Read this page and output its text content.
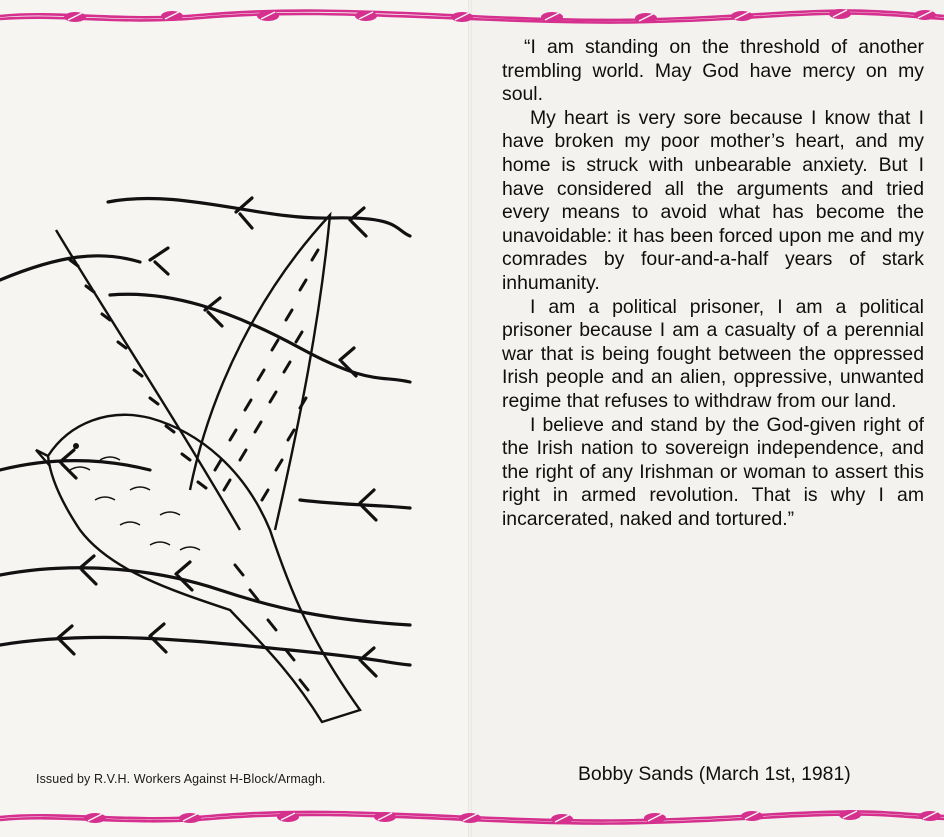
Issued by R.V.H. Workers Against H-Block/Armagh.

“I am standing on the threshold of another trembling world. May God have mercy on my soul.

My heart is very sore because I know that I have broken my poor mother’s heart, and my home is struck with unbearable anxiety. But I have considered all the arguments and tried every means to avoid what has become the unavoidable: it has been forced upon me and my comrades by four-and-a-half years of stark inhumanity.

I am a political prisoner, I am a political prisoner because I am a casualty of a perennial war that is being fought between the oppressed Irish people and an alien, oppressive, unwanted regime that refuses to withdraw from our land.

I believe and stand by the God-given right of the Irish nation to sovereign independence, and the right of any Irishman or woman to assert this right in armed revolution. That is why I am incarcerated, naked and tortured.”

Bobby Sands (March 1st, 1981)
